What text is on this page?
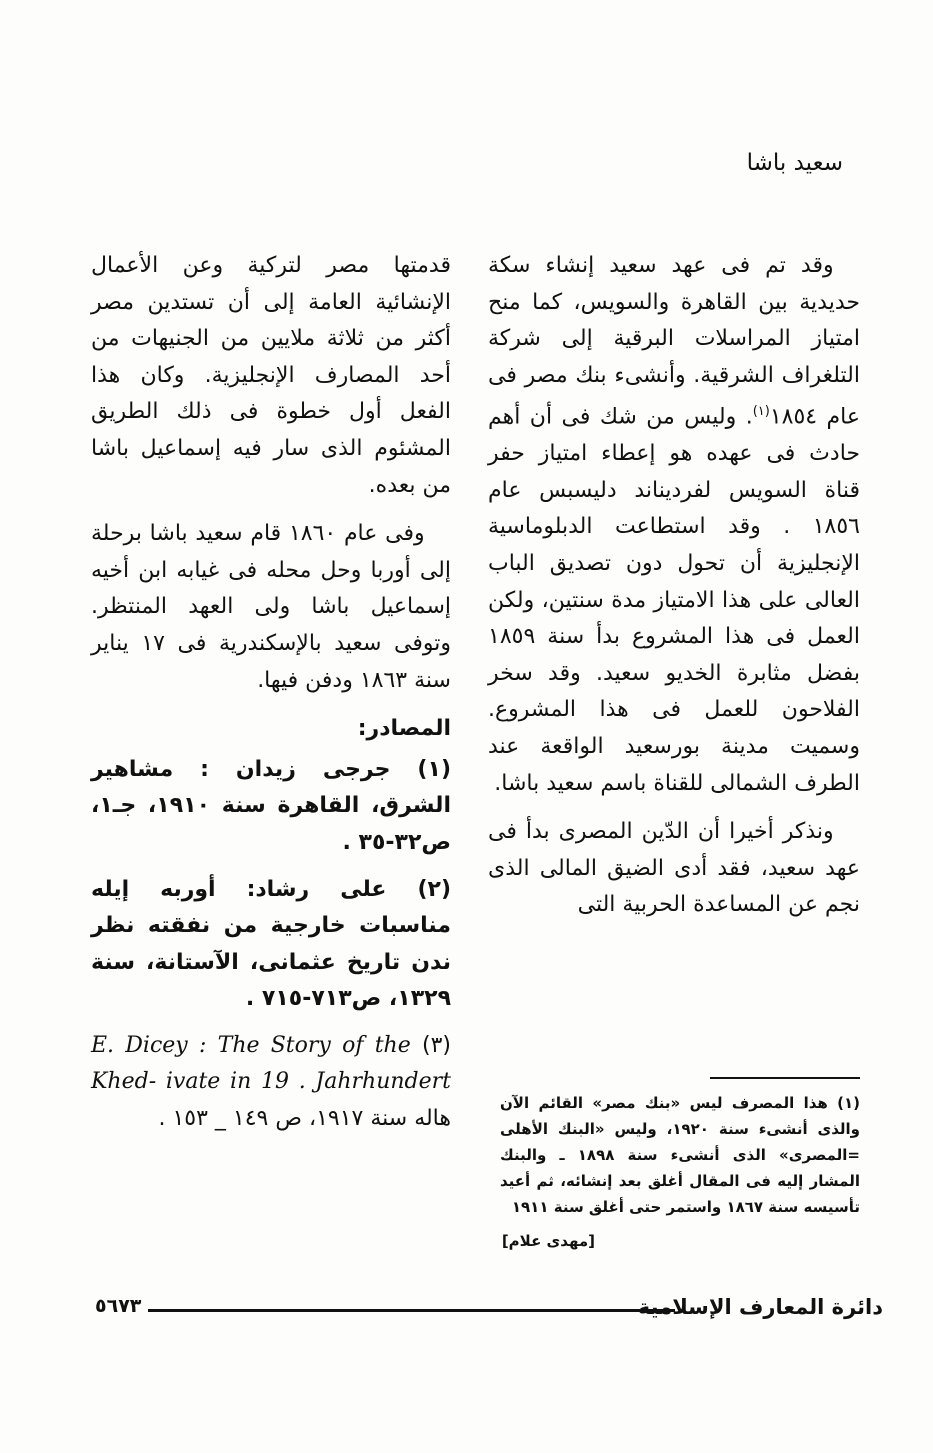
سعيد باشا

وقد تم فى عهد سعيد إنشاء سكة حديدية بين القاهرة والسويس، كما منح امتياز المراسلات البرقية إلى شركة التلغراف الشرقية. وأنشىء بنك مصر فى عام ١٨٥٤$^{(١)}$. وليس من شك فى أن أهم حادث فى عهده هو إعطاء امتياز حفر قناة السويس لفرديناند دليسبس عام ١٨٥٦ . وقد استطاعت الدبلوماسية الإنجليزية أن تحول دون تصديق الباب العالى على هذا الامتياز مدة سنتين، ولكن العمل فى هذا المشروع بدأ سنة ١٨٥٩ بفضل مثابرة الخديو سعيد. وقد سخر الفلاحون للعمل فى هذا المشروع. وسميت مدينة بورسعيد الواقعة عند الطرف الشمالى للقناة باسم سعيد باشا.

ونذكر أخيرا أن الدّين المصرى بدأ فى عهد سعيد، فقد أدى الضيق المالى الذى نجم عن المساعدة الحربية التى

قدمتها مصر لتركية وعن الأعمال الإنشائية العامة إلى أن تستدين مصر أكثر من ثلاثة ملايين من الجنيهات من أحد المصارف الإنجليزية. وكان هذا الفعل أول خطوة فى ذلك الطريق المشئوم الذى سار فيه إسماعيل باشا من بعده.

وفى عام ١٨٦٠ قام سعيد باشا برحلة إلى أوربا وحل محله فى غيابه ابن أخيه إسماعيل باشا ولى العهد المنتظر. وتوفى سعيد بالإسكندرية فى ١٧ يناير سنة ١٨٦٣ ودفن فيها.

المصادر:

(١) جرجى زيدان : مشاهير الشرق، القاهرة سنة ١٩١٠، جـ١، ص٣٢-٣٥ .

(٢) على رشاد: أوربه إيله مناسبات خارجية من نفقته نظر ندن تاريخ عثمانى، الآستانة، سنة ١٣٢٩، ص٧١٣-٧١٥ .

(٣) E. Dicey : The Story of the Khed- ivate in 19 . Jahrhundert هاله سنة ١٩١٧، ص ١٤٩ _ ١٥٣ .

(١) هذا المصرف ليس «بنك مصر» القائم الآن والذى أنشىء سنة ١٩٢٠، وليس «البنك الأهلى =المصرى» الذى أنشىء سنة ١٨٩٨ ـ والبنك المشار إليه فى المقال أغلق بعد إنشائه، ثم أعيد تأسيسه سنة ١٨٦٧ واستمر حتى أغلق سنة ١٩١١
[مهدى علام]
دائرة المعارف الإسلامية
٥٦٧٣
